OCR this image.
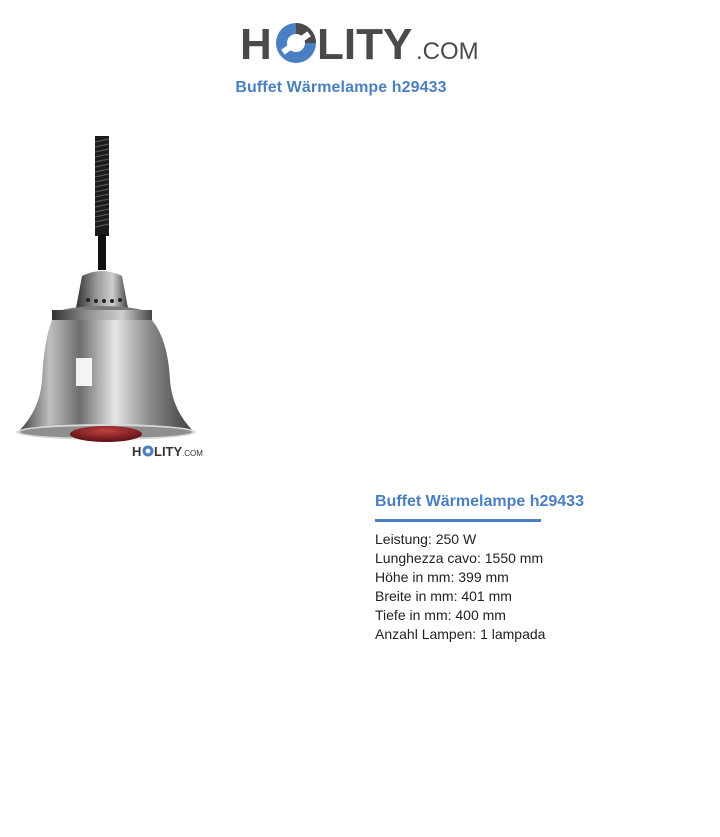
H LITY .COM
Buffet Wärmelampe h29433
H LITY .COM
Buffet Wärmelampe h29433
Leistung: 250 W
Lunghezza cavo: 1550 mm
Höhe in mm: 399 mm
Breite in mm: 401 mm
Tiefe in mm: 400 mm
Anzahl Lampen: 1 lampada
